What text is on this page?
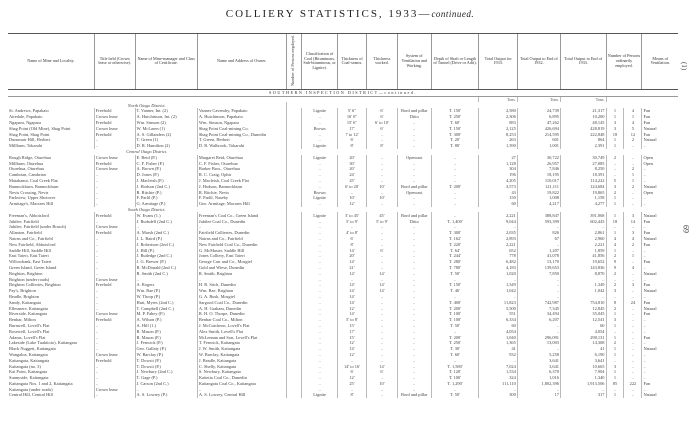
COLLIERY STATISTICS, 1933—continued.
(1)
69
Name of Mine and Locality.	Title held (Crown lease or otherwise).	Name of Mine-manager and Class of Certificate.	Name and Address of Owner.	Number of Persons employed.	Classification of Coal (Bituminous, Sub-bituminous, or Lignite).	Thickness of Coal-seams.	Thickness worked.	System of Ventilation and Working.	Depth of Shaft or Length of Tunnel (Drive or Adit).	Total Output for 1933.	Total Output to End of 1932.	Total Output to End of 1933.	Number of Persons ordinarily employed.		Means of Ventilation.
SOUTHERN INSPECTION DISTRICT—continued.															
										Tons.	Tons.	Tons.			
North Otago District.															
St. Andrews, Papakaio	Freehold	T. Vanner, Int. (2)	Vanner Cavendry, Papakaio		Lignite	5' 6"	6'	Bord and pillar	T. 150'	2,580	24,739	21,317	1	4	Fan
Airedale, Papakaio	Crown lease	A. Hutchinson, Int. (2)	A. Hutchinson, Papakaio		..	16' 0"	6'	Ditto	T. 250'	2,306	6,895	10,200	1	1	Fan
Ngapara, Ngapara	Freehold	Wm. Simson (2)	Wm. Simson, Ngapara		..	15' 6"	6' to 10'	..	T. 60'	883	47,262	48,145	3	4	Fan
Shag Point (Old Mine), Shag Point	Crown lease	W. McLaren (1)	Shag Point Coal-mining Co.		Brown	17'	6'	..	T. 150'	2,125	426,694	428,819	3	5	Natural
Shag Point, Shag Point	Freehold	A. S. Gillanders (2)	Shag Point Coal-mining Co., Dunedin		..	7 to 12'	..	..	T. 300'	8,253	214,595	222,848	18	12	Fan
Dunsmuir Hill, Herbert	..	T. Green (1)	T. Green, Herbert		..	6'	..	..	T. 20'	263	601	864	1	2	Natural
Millburn, Tokarahi	..	D. R. Hamilton (2)	D. R. Walbrook, Tokarahi		Lignite	8'	8'	..	T. 80'	1,390	1,001	2,391	1	..	..
Central Otago District.															
Rough Ridge, Oturehua	Crown lease	E. Reid (P.)	Margaret Reid, Oturehua		Lignite	20'	..	Opencast	..	27	30,722	30,749	2	..	Open
Millburn, Oturehua	Freehold	C. F. Fisher (P.)	C. F. Fisher, Oturehua		..	30'	..	..	..	1,128	26,957	27,085	..	..	Open
Oturehua, Oturehua	Crown lease	A. Brown (P.)	Barker Bros., Oturehua		..	20'	..	..	..	304	7,846	8,250	..	2	..
Cambrian, Cambrian	..	D. Jones (P.)	R. C. Craig, Ophir		..	24'	..	..	..	196	18,195	18,391	..	1	..
Matakanui, Coal Creek Flat	..	J. Macleish (P.)	J. Macleish, Coal Creek Flat		..	25'	..	..	..	4,205	110,017	114,222	5	1	..
Bannockburn, Bannockburn	..	J. Hodson (2nd C.)	J. Hodson, Bannockburn		..	6' to 20'	10'	Bord and pillar	T. 200'	3,573	121,111	124,684	3	2	Natural
Nevis Crossing, Nevis	..	R. Ritchie (P.)	R. Ritchie, Nevis		Brown	..	..	Opencast	..	43	19,822	19,865	2	..	Open
Parkview, Upper Shotover	..	F. Parlil (P.)	F. Parlil, Naseby		Lignite	10'	10'	..	..	150	1,008	1,158	1	..	..
Armitage's, Macraes Hill	..	G. Armitage (P.)	Geo. Armitage, Macraes Hill		..	12'	..	..	..	60	4,217	4,277	1	..	..
South Otago District.															
Freeman's, Abbotsford	Freehold	W. Evans (1.)	Freeman's Coal Co., Green Island		Lignite	3' to 45'	45'	Bord and pillar	..	2,221	388,847	391,068	1	3	Natural
Jubilee, Fairfield	..	J. Rudsdell (2nd C.)	Jubilee Coal Co., Dunedin		..	5' to 9'	5' to 9'	Ditto	T. 1,400'	9,044	593,399	602,443	18	14	Fan
Jubilee, Fairfield (under Brasch)	Crown lease	..	..		..	..	..	..	..	..	..	..	..	..	..
Allanton, Fairfield	Freehold	A. Marsh (2nd C.)	Fairfield Collieries, Dunedin		..	4' to 8'	..	..	T. 300'	2,035	826	2,861	1	3	Fan
Nairns and Co., Fairfield	..	J. L. Baird (P.)	Nairns and Co., Fairfield		..	6'	..	..	T. 162'	2,893	67	2,960	4	4	Natural
New Fairfield, Abbotsford	..	J. Robertson (2nd C.)	New Fairfield Coal Co., Dunedin		..	8'	..	..	T. 220'	2,221	..	2,221	4	2	Fan
Saddle Hill, Saddle Hill	..	J. Hill (P.)	G. McMaster, Saddle Hill		..	14'	6'	..	T. 64'	652	1,207	1,859	1	..	..
East Taieri, East Taieri	..	J. Rutledge (2nd C.)	Jones Colliery, East Taieri		..	20'	..	..	T. 244'	778	41,078	41,856	2	1	..
Willowbank, East Taieri	..	J. G. Brewer (P.)	George Carr and Co., Mosgiel		..	14'	..	..	T. 280'	6,482	13,170	19,652	9	..	Fan
Green Island, Green Island	..	R. McDonald (2nd C.)	Gold and Wiese, Dunedin		..	21'	..	..	T. 780'	4,183	139,653	143,836	9	4	..
Brighton, Brighton	..	R. Smith (2nd C.)	R. Smith, Brighton		..	14'	14'	..	T. 50'	1,020	7,850	8,870	2	..	Natural
Brighton (under roads)	Crown lease	..	..		..	..	..	..	..	..	..	..	..	..	..
Brighton Collieries, Brighton	Freehold	A. Rogers	H. R. Sitch, Dunedin		..	14'	14'	..	T. 150'	1,349	..	1,349	2	3	Fan
Pay's, Brighton	..	Wm. Rae (P.)	Wm. Rae, Brighton		..	14'	14'	..	T. 46'	1,042	..	1,042	3	..	Natural
Beadle, Brighton	..	W. Thorp (P.)	G. A. Bush, Mosgiel		..	14'	..	..	..	..	..	..	..	..	..
Sandy, Kaitangata	..	Hutt, Myres (2nd C.)	Sargood Coal Co., Dunedin		..	14'	..	..	T. 400'	11,823	742,987	754,810	8	24	Fan
Ellesmere, Kaitangata	..	T. Campbell (2nd C.)	A. H. Graham, Dunedin		..	12'	..	..	T. 200'	5,500	7,345	12,845	2	..	Natural
Riverside, Kaitangata	Crown lease	M. P. Fahey (P.)	R. H. O. Thorpe, Dunedin		..	14'	..	..	T. 100'	551	34,494	35,045	1	..	Fan
Benhar, Milton	Freehold	A. Wilson (P.)	Benhar Coal Co., Milton		..	5' to 8'	..	..	T. 100'	6,334	6,207	12,541	3	..	..
Burnwell, Lovell's Flat	..	A. Hill (1.)	J. McCutcheon, Lovell's Flat		..	15'	..	..	T. 50'	60	..	60	1	..	..
Rosewell, Lovell's Flat	..	R. Mason (P.)	Alex Smith, Lovell's Flat		..	17'	..	..	..	4,054	..	4,054	..	..	..
Adams, Lovell's Flat	..	R. Mason (P.)	McLennan and Son, Lovell's Flat		..	15'	..	..	T. 200'	1,040	296,091	298,131	1	..	Fan
Lakeside (Lake Tuakitoto), Kaitangata	..	J. Fenwick (P.)	T. Fenwick, Kaitangata		..	12'	..	..	T. 250'	1,365	13,003	14,368	2	..	..
Black Nuggett, Kaitangata	..	Geo. Gallaty (P.)	J. W. Smith, Kaitangata		..	14'	..	..	T. 30'	41	..	41	1	..	Natural
Wangaloa, Kaitangata	Crown lease	W. Barclay (P.)	W. Barclay, Kaitangata		..	12'	..	..	T. 60'	932	5,258	6,190	1	..	..
Kaitangata, Kaitangata	Freehold	T. Dowsit (P.)	J. Beadle, Kaitangata		..	..	..	..	..	..	3,641	3,641	..	..	..
Kaitangata (no. 3)	..	T. Dowsit (P.)	C. Shelly, Kaitangata		..	14' to 16'	14'	..	T. 1,580'	7,024	3,641	10,665	3	..	..
Kai Point, Kaitangata	..	J. Newbury (2nd C.)	S. Newbury, Kaitangata		..	6'	6'	..	T. 120'	1,534	6,370	7,904	1	..	..
Sunnyside, Kaitangata	..	T. Gage (P.)	Kaitetia Coal Co., Dunedin		..	12'	..	..	T. 100'	324	1,016	1,340	1	..	..
Kaitangata Nos. 1 and 2, Kaitangata	..	J. Carson (2nd C.)	Kaitangata Coal Co., Kaitangata		..	25'	10'	..	T. 1,290'	111,110	1,802,396	1,913,506	85	222	Fan
Kaitangata (under roads)	Crown lease	..	..		..	..	..	..	..	..	..	..	..	..	..
Central Hill, Central Hill	..	A. S. Lowrey (P.)	A. S. Lowrey, Central Hill		Lignite	8'	..	Bord and pillar	T. 50'	300	17	317	1	..	Natural
